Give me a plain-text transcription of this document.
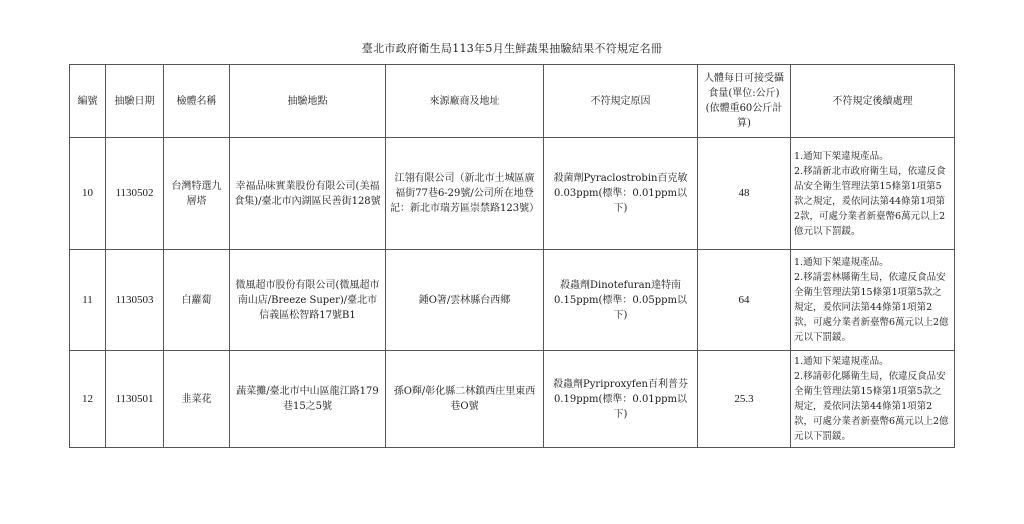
臺北市政府衛生局113年5月生鮮蔬果抽驗結果不符規定名冊
編號	抽驗日期	檢體名稱	抽驗地點	來源廠商及地址	不符規定原因	人體每日可接受攝食量(單位:公斤)(依體重60公斤計算)	不符規定後續處理
10	1130502	台灣特選九層塔	幸福品味實業股份有限公司(美福食集)/臺北市內湖區民善街128號	江翎有限公司（新北市土城區廣福街77巷6-29號/公司所在地登記：新北市瑞芳區崇禁路123號）	殺菌劑Pyraclostrobin百克敏0.03ppm(標準：0.01ppm以下)	48	1.通知下架違規產品。
2.移請新北市政府衛生局，依違反食品安全衛生管理法第15條第1項第5款之規定，爰依同法第44條第1項第2款，可處分業者新臺幣6萬元以上2億元以下罰鍰。

11	1130503	白蘿蔔	微風超市股份有限公司(微風超市南山店/Breeze Super)/臺北市信義區松智路17號B1	鍾O箸/雲林縣台西鄉	殺蟲劑Dinotefuran達特南0.15ppm(標準：0.05ppm以下)	64	1.通知下架違規產品。
2.移請雲林縣衛生局，依違反食品安全衛生管理法第15條第1項第5款之規定，爰依同法第44條第1項第2款，可處分業者新臺幣6萬元以上2億元以下罰鍰。

12	1130501	韭菜花	蔬菜攤/臺北市中山區龍江路179巷15之5號	孫O輝/彰化縣二林鎮西庄里東西巷O號	殺蟲劑Pyriproxyfen百利普芬0.19ppm(標準：0.01ppm以下)	25.3	1.通知下架違規產品。
2.移請彰化縣衛生局，依違反食品安全衛生管理法第15條第1項第5款之規定，爰依同法第44條第1項第2款，可處分業者新臺幣6萬元以上2億元以下罰鍰。
